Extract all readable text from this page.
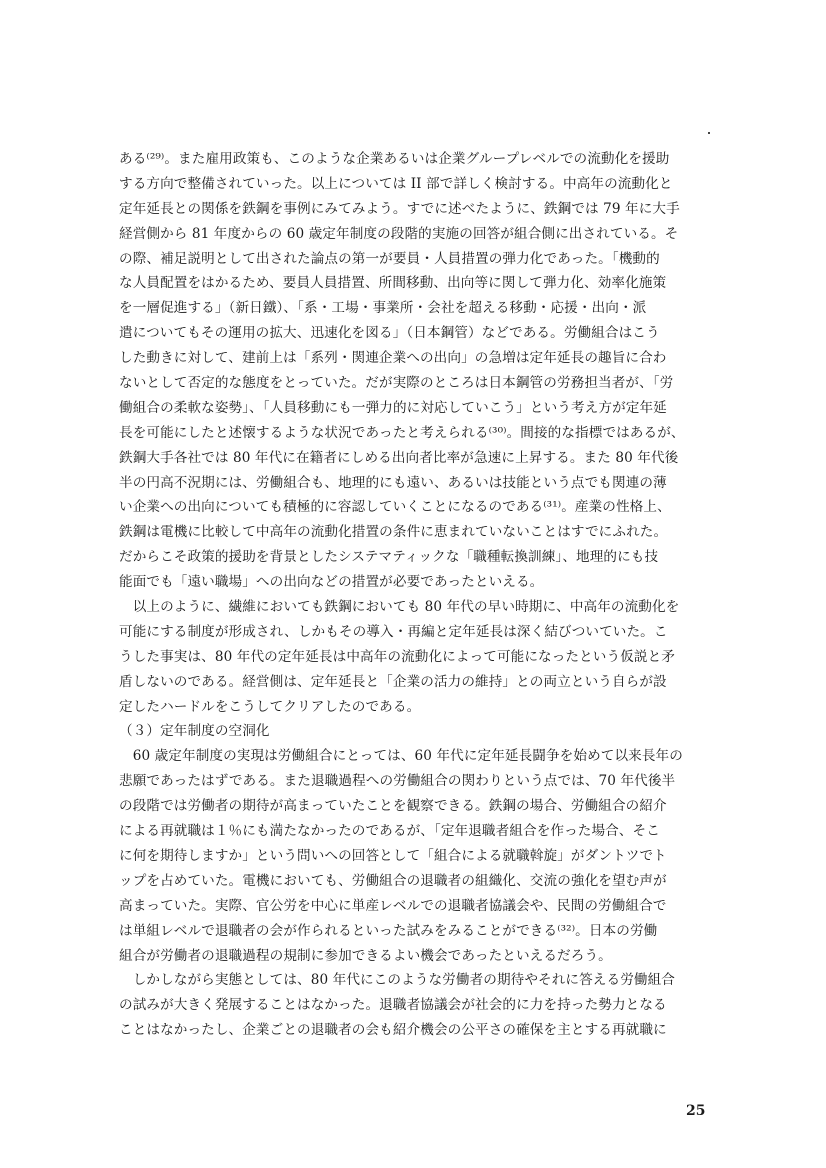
ある⁽²⁹⁾。また雇用政策も、このような企業あるいは企業グループレベルでの流動化を援助
する方向で整備されていった。以上については II 部で詳しく検討する。中高年の流動化と
定年延長との関係を鉄鋼を事例にみてみよう。すでに述べたように、鉄鋼では 79 年に大手
経営側から 81 年度からの 60 歳定年制度の段階的実施の回答が組合側に出されている。そ
の際、補足説明として出された論点の第一が要員・人員措置の弾力化であった。「機動的
な人員配置をはかるため、要員人員措置、所間移動、出向等に関して弾力化、効率化施策
を一層促進する」（新日鐵）、「系・工場・事業所・会社を超える移動・応援・出向・派
遣についてもその運用の拡大、迅速化を図る」（日本鋼管）などである。労働組合はこう
した動きに対して、建前上は「系列・関連企業への出向」の急増は定年延長の趣旨に合わ
ないとして否定的な態度をとっていた。だが実際のところは日本鋼管の労務担当者が、「労
働組合の柔軟な姿勢」、「人員移動にも一弾力的に対応していこう」という考え方が定年延
長を可能にしたと述懐するような状況であったと考えられる⁽³⁰⁾。間接的な指標ではあるが、
鉄鋼大手各社では 80 年代に在籍者にしめる出向者比率が急速に上昇する。また 80 年代後
半の円高不況期には、労働組合も、地理的にも遠い、あるいは技能という点でも関連の薄
い企業への出向についても積極的に容認していくことになるのである⁽³¹⁾。産業の性格上、
鉄鋼は電機に比較して中高年の流動化措置の条件に恵まれていないことはすでにふれた。
だからこそ政策的援助を背景としたシステマティックな「職種転換訓練」、地理的にも技
能面でも「遠い職場」への出向などの措置が必要であったといえる。
　以上のように、繊維においても鉄鋼においても 80 年代の早い時期に、中高年の流動化を
可能にする制度が形成され、しかもその導入・再編と定年延長は深く結びついていた。こ
うした事実は、80 年代の定年延長は中高年の流動化によって可能になったという仮説と矛
盾しないのである。経営側は、定年延長と「企業の活力の維持」との両立という自らが設
定したハードルをこうしてクリアしたのである。
（３）定年制度の空洞化
　60 歳定年制度の実現は労働組合にとっては、60 年代に定年延長闘争を始めて以来長年の
悲願であったはずである。また退職過程への労働組合の関わりという点では、70 年代後半
の段階では労働者の期待が高まっていたことを観察できる。鉄鋼の場合、労働組合の紹介
による再就職は１％にも満たなかったのであるが、「定年退職者組合を作った場合、そこ
に何を期待しますか」という問いへの回答として「組合による就職斡旋」がダントツでト
ップを占めていた。電機においても、労働組合の退職者の組織化、交流の強化を望む声が
高まっていた。実際、官公労を中心に単産レベルでの退職者協議会や、民間の労働組合で
は単組レベルで退職者の会が作られるといった試みをみることができる⁽³²⁾。日本の労働
組合が労働者の退職過程の規制に参加できるよい機会であったといえるだろう。
　しかしながら実態としては、80 年代にこのような労働者の期待やそれに答える労働組合
の試みが大きく発展することはなかった。退職者協議会が社会的に力を持った勢力となる
ことはなかったし、企業ごとの退職者の会も紹介機会の公平さの確保を主とする再就職に
25
